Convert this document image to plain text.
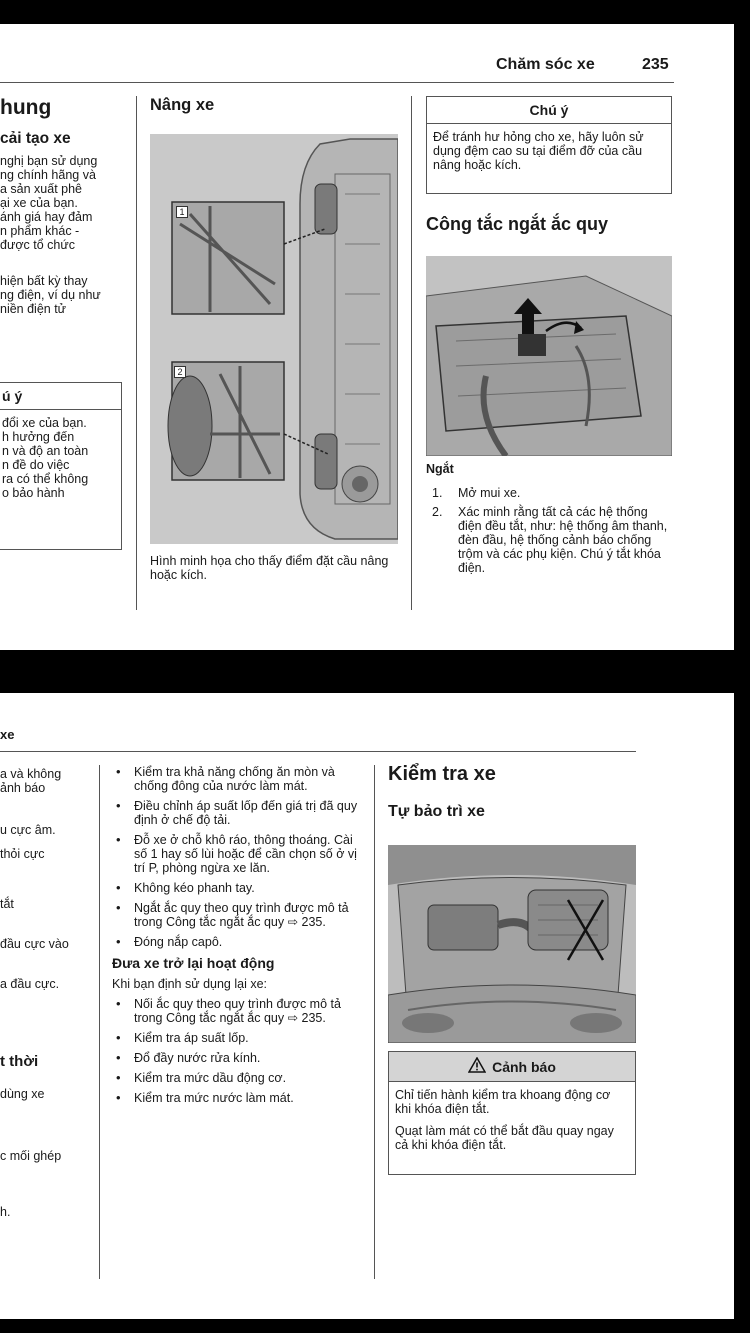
Chăm sóc xe	235
hung
cải tạo xe

nghị bạn sử dụng

ng chính hãng và

a sản xuất phê

ại xe của bạn.

ánh giá hay đảm

n phẩm khác -

được tổ chức

hiện bất kỳ thay

ng điện, ví dụ như

niền điện tử

ú ý

đổi xe của bạn.

h hưởng đến

n và độ an toàn

n đề do việc

ra có thể không

o bảo hành

Nâng xe
1
2
Hình minh họa cho thấy điểm đặt cầu nâng hoặc kích.
Chú ý
Để tránh hư hỏng cho xe, hãy luôn sử dụng đệm cao su tại điểm đỡ của cầu nâng hoặc kích.
Công tắc ngắt ắc quy
Ngắt
1. Mở mui xe.
2. Xác minh rằng tất cả các hệ thống điện đều tắt, như: hệ thống âm thanh, đèn đầu, hệ thống cảnh báo chống trộm và các phụ kiện. Chú ý tắt khóa điện.
xe

a và không

ảnh báo

u cực âm.

thỏi cực

tắt

đầu cực vào

a đầu cực.

t thời

dùng xe

c mối ghép

h.

• Kiểm tra khả năng chống ăn mòn và chống đông của nước làm mát.
• Điều chỉnh áp suất lốp đến giá trị đã quy định ở chế độ tải.
• Đỗ xe ở chỗ khô ráo, thông thoáng. Cài số 1 hay số lùi hoặc để cần chọn số ở vị trí P, phòng ngừa xe lăn.
• Không kéo phanh tay.
• Ngắt ắc quy theo quy trình được mô tả trong Công tắc ngắt ắc quy ⇨ 235.
• Đóng nắp capô.
Đưa xe trở lại hoạt động
Khi bạn định sử dụng lại xe:
• Nối ắc quy theo quy trình được mô tả trong Công tắc ngắt ắc quy ⇨ 235.
• Kiểm tra áp suất lốp.
• Đổ đầy nước rửa kính.
• Kiểm tra mức dầu động cơ.
• Kiểm tra mức nước làm mát.
Kiểm tra xe
Tự bảo trì xe
Cảnh báo

Chỉ tiến hành kiểm tra khoang động cơ khi khóa điện tắt.

Quạt làm mát có thể bắt đầu quay ngay cả khi khóa điện tắt.
